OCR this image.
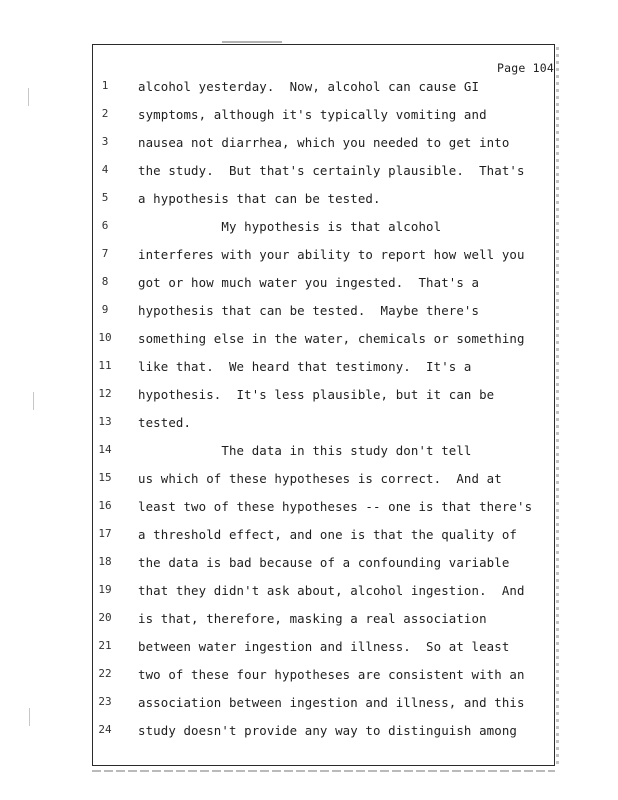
Page 104
1	alcohol yesterday.  Now, alcohol can cause GI
2	symptoms, although it's typically vomiting and
3	nausea not diarrhea, which you needed to get into
4	the study.  But that's certainly plausible.  That's
5	a hypothesis that can be tested.
6	My hypothesis is that alcohol
7	interferes with your ability to report how well you
8	got or how much water you ingested.  That's a
9	hypothesis that can be tested.  Maybe there's
10 something else in the water, chemicals or something
11 like that.  We heard that testimony.  It's a
12 hypothesis.  It's less plausible, but it can be
13 tested.
14 The data in this study don't tell
15 us which of these hypotheses is correct.  And at
16 least two of these hypotheses -- one is that there's
17 a threshold effect, and one is that the quality of
18 the data is bad because of a confounding variable
19 that they didn't ask about, alcohol ingestion.  And
20 is that, therefore, masking a real association
21 between water ingestion and illness.  So at least
22 two of these four hypotheses are consistent with an
23 association between ingestion and illness, and this
24 study doesn't provide any way to distinguish among
